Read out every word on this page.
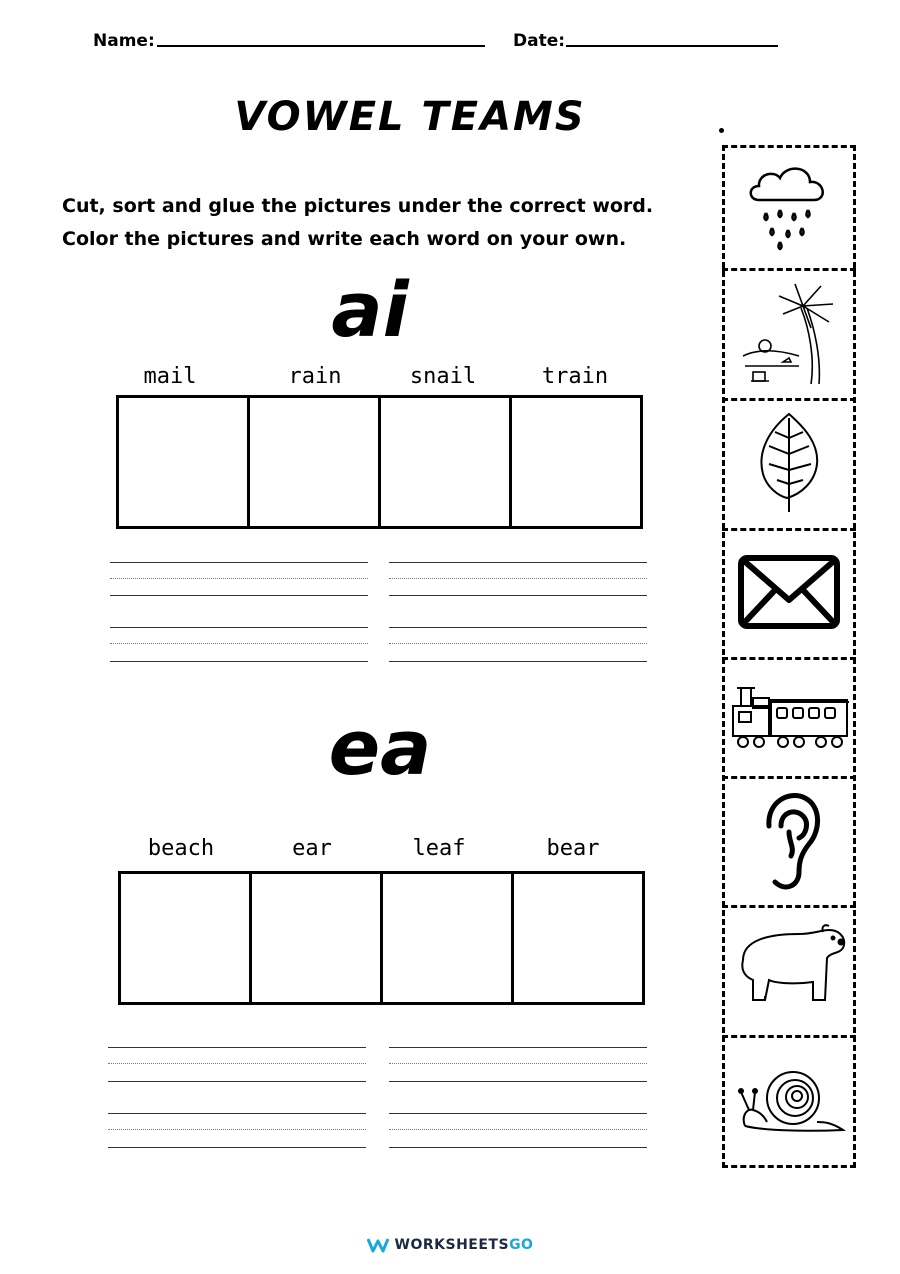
Name:	Date:
VOWEL TEAMS
Cut, sort and glue the pictures under the correct word.
Color the pictures and write each word on your own.
ai
mail	rain	snail	train
ea
beach	ear	leaf	bear
WORKSHEETSGO
